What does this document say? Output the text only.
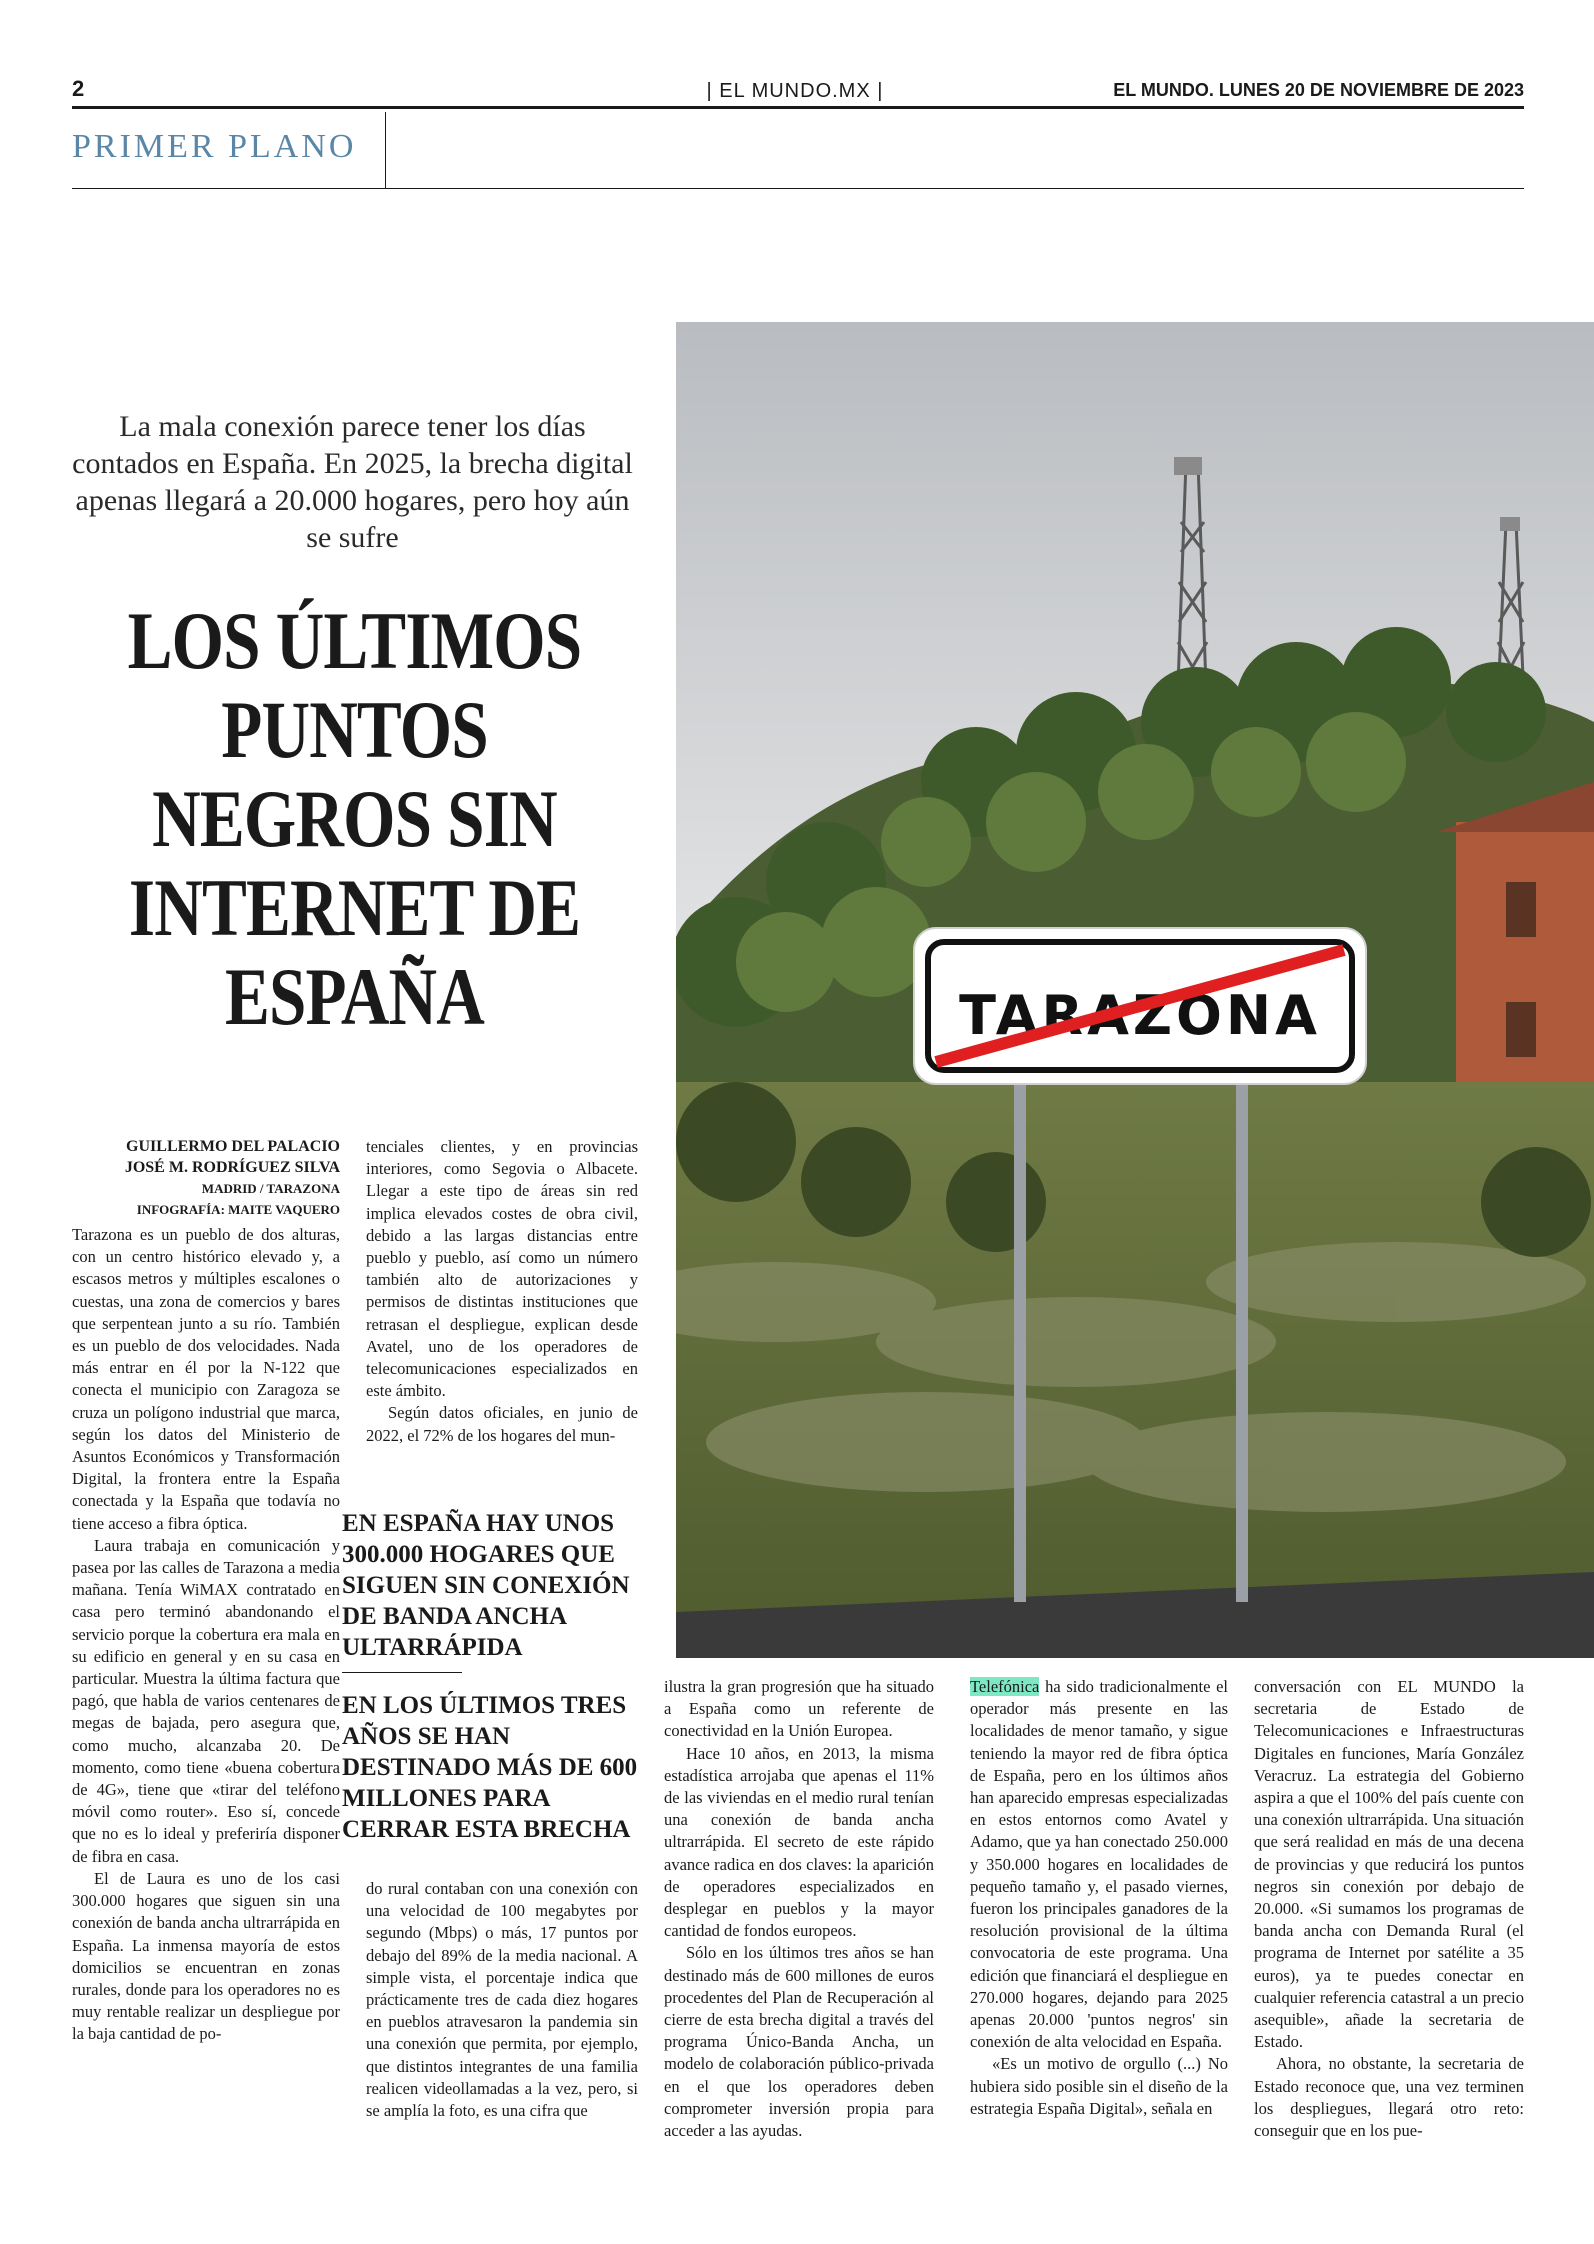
2	| EL MUNDO.MX |	EL MUNDO. LUNES 20 DE NOVIEMBRE DE 2023
PRIMER PLANO
La mala conexión parece tener los días contados en España. En 2025, la brecha digital apenas llegará a 20.000 hogares, pero hoy aún se sufre
LOS ÚLTIMOS
PUNTOS
NEGROS SIN
INTERNET DE
ESPAÑA
GUILLERMO DEL PALACIO
JOSÉ M. RODRÍGUEZ SILVA
MADRID / TARAZONA
INFOGRAFÍA: MAITE VAQUERO

Tarazona es un pueblo de dos alturas, con un centro histórico elevado y, a escasos metros y múltiples escalones o cuestas, una zona de comercios y bares que serpentean junto a su río. También es un pueblo de dos velocidades. Nada más entrar en él por la N-122 que conecta el municipio con Zaragoza se cruza un polígono industrial que marca, según los datos del Ministerio de Asuntos Económicos y Transformación Digital, la frontera entre la España conectada y la España que todavía no tiene acceso a fibra óptica.

Laura trabaja en comunicación y pasea por las calles de Tarazona a media mañana. Tenía WiMAX contratado en casa pero terminó abandonando el servicio porque la cobertura era mala en su edificio en general y en su casa en particular. Muestra la última factura que pagó, que habla de varios centenares de megas de bajada, pero asegura que, como mucho, alcanzaba 20. De momento, como tiene «buena cobertura de 4G», tiene que «tirar del teléfono móvil como router». Eso sí, concede que no es lo ideal y preferiría disponer de fibra en casa.

El de Laura es uno de los casi 300.000 hogares que siguen sin una conexión de banda ancha ultrarrápida en España. La inmensa mayoría de estos domicilios se encuentran en zonas rurales, donde para los operadores no es muy rentable realizar un despliegue por la baja cantidad de po-

tenciales clientes, y en provincias interiores, como Segovia o Albacete. Llegar a este tipo de áreas sin red implica elevados costes de obra civil, debido a las largas distancias entre pueblo y pueblo, así como un número también alto de autorizaciones y permisos de distintas instituciones que retrasan el despliegue, explican desde Avatel, uno de los operadores de telecomunicaciones especializados en este ámbito.

Según datos oficiales, en junio de 2022, el 72% de los hogares del mun-

EN ESPAÑA HAY UNOS 300.000 HOGARES QUE SIGUEN SIN CONEXIÓN DE BANDA ANCHA ULTARRÁPIDA
EN LOS ÚLTIMOS TRES AÑOS SE HAN DESTINADO MÁS DE 600 MILLONES PARA CERRAR ESTA BRECHA

do rural contaban con una conexión con una velocidad de 100 megabytes por segundo (Mbps) o más, 17 puntos por debajo del 89% de la media nacional. A simple vista, el porcentaje indica que prácticamente tres de cada diez hogares en pueblos atravesaron la pandemia sin una conexión que permita, por ejemplo, que distintos integrantes de una familia realicen videollamadas a la vez, pero, si se amplía la foto, es una cifra que

TARAZONA

ilustra la gran progresión que ha situado a España como un referente de conectividad en la Unión Europea.

Hace 10 años, en 2013, la misma estadística arrojaba que apenas el 11% de las viviendas en el medio rural tenían una conexión de banda ancha ultrarrápida. El secreto de este rápido avance radica en dos claves: la aparición de operadores especializados en desplegar en pueblos y la mayor cantidad de fondos europeos.

Sólo en los últimos tres años se han destinado más de 600 millones de euros procedentes del Plan de Recuperación al cierre de esta brecha digital a través del programa Único-Banda Ancha, un modelo de colaboración público-privada en el que los operadores deben comprometer inversión propia para acceder a las ayudas.

Telefónica ha sido tradicionalmente el operador más presente en las localidades de menor tamaño, y sigue teniendo la mayor red de fibra óptica de España, pero en los últimos años han aparecido empresas especializadas en estos entornos como Avatel y Adamo, que ya han conectado 250.000 y 350.000 hogares en localidades de pequeño tamaño y, el pasado viernes, fueron los principales ganadores de la resolución provisional de la última convocatoria de este programa. Una edición que financiará el despliegue en 270.000 hogares, dejando para 2025 apenas 20.000 'puntos negros' sin conexión de alta velocidad en España.

«Es un motivo de orgullo (...) No hubiera sido posible sin el diseño de la estrategia España Digital», señala en

conversación con EL MUNDO la secretaria de Estado de Telecomunicaciones e Infraestructuras Digitales en funciones, María González Veracruz. La estrategia del Gobierno aspira a que el 100% del país cuente con una conexión ultrarrápida. Una situación que será realidad en más de una decena de provincias y que reducirá los puntos negros sin conexión por debajo de 20.000. «Si sumamos los programas de banda ancha con Demanda Rural (el programa de Internet por satélite a 35 euros), ya te puedes conectar en cualquier referencia catastral a un precio asequible», añade la secretaria de Estado.

Ahora, no obstante, la secretaria de Estado reconoce que, una vez terminen los despliegues, llegará otro reto: conseguir que en los pue-
